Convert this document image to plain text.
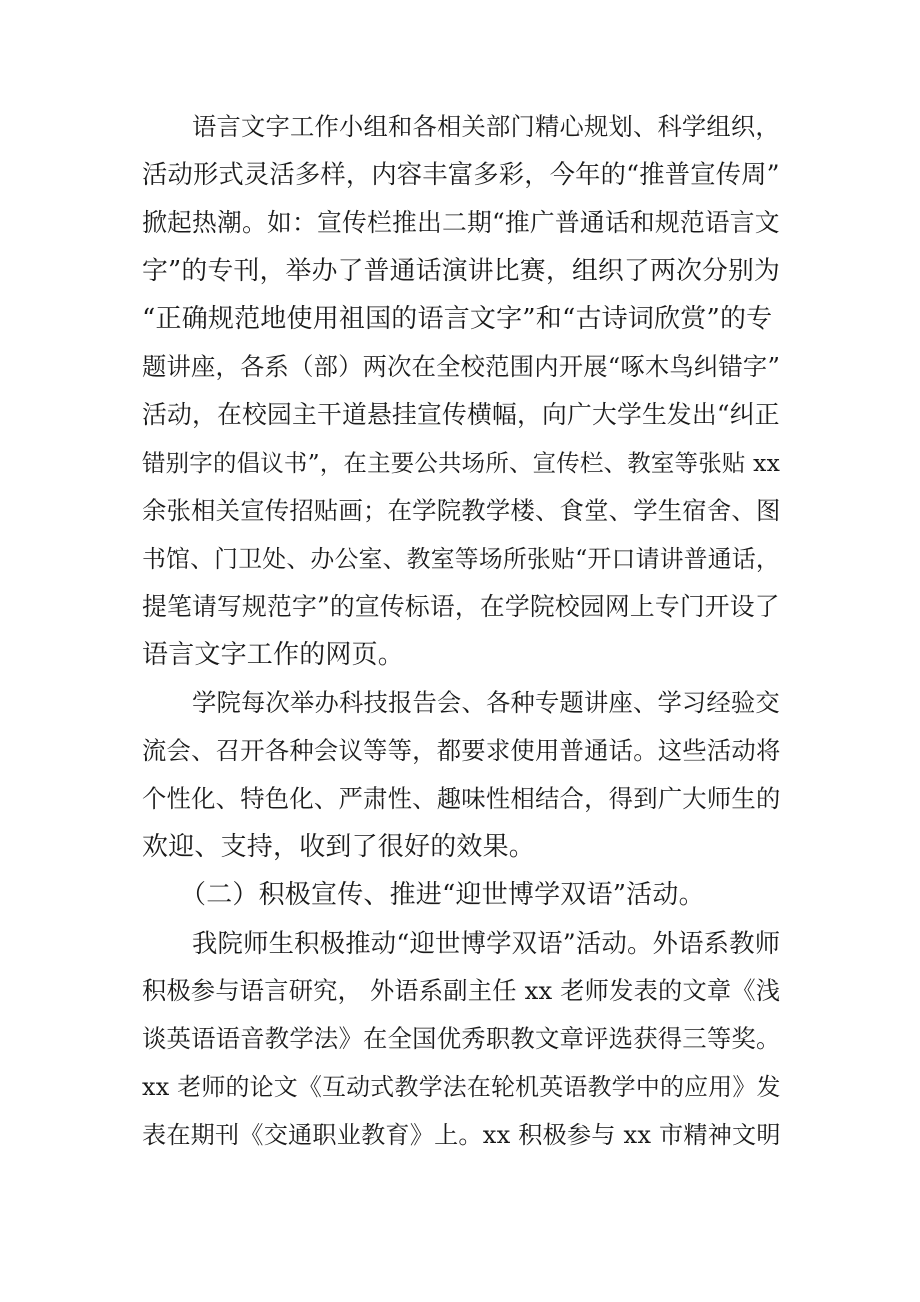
语言文字工作小组和各相关部门精心规划、科学组织，
活动形式灵活多样，内容丰富多彩，今年的“推普宣传周”
掀起热潮。如：宣传栏推出二期“推广普通话和规范语言文
字”的专刊，举办了普通话演讲比赛，组织了两次分别为
“正确规范地使用祖国的语言文字”和“古诗词欣赏”的专
题讲座，各系（部）两次在全校范围内开展“啄木鸟纠错字”
活动，在校园主干道悬挂宣传横幅，向广大学生发出“纠正
错别字的倡议书”，在主要公共场所、宣传栏、教室等张贴 xx
余张相关宣传招贴画；在学院教学楼、食堂、学生宿舍、图
书馆、门卫处、办公室、教室等场所张贴“开口请讲普通话，
提笔请写规范字”的宣传标语，在学院校园网上专门开设了
语言文字工作的网页。
学院每次举办科技报告会、各种专题讲座、学习经验交
流会、召开各种会议等等，都要求使用普通话。这些活动将
个性化、特色化、严肃性、趣味性相结合，得到广大师生的
欢迎、支持，收到了很好的效果。
（二）积极宣传、推进“迎世博学双语”活动。
我院师生积极推动“迎世博学双语”活动。外语系教师
积极参与语言研究， 外语系副主任 xx 老师发表的文章《浅
谈英语语音教学法》在全国优秀职教文章评选获得三等奖。
xx 老师的论文《互动式教学法在轮机英语教学中的应用》发
表在期刊《交通职业教育》上。xx 积极参与 xx 市精神文明
